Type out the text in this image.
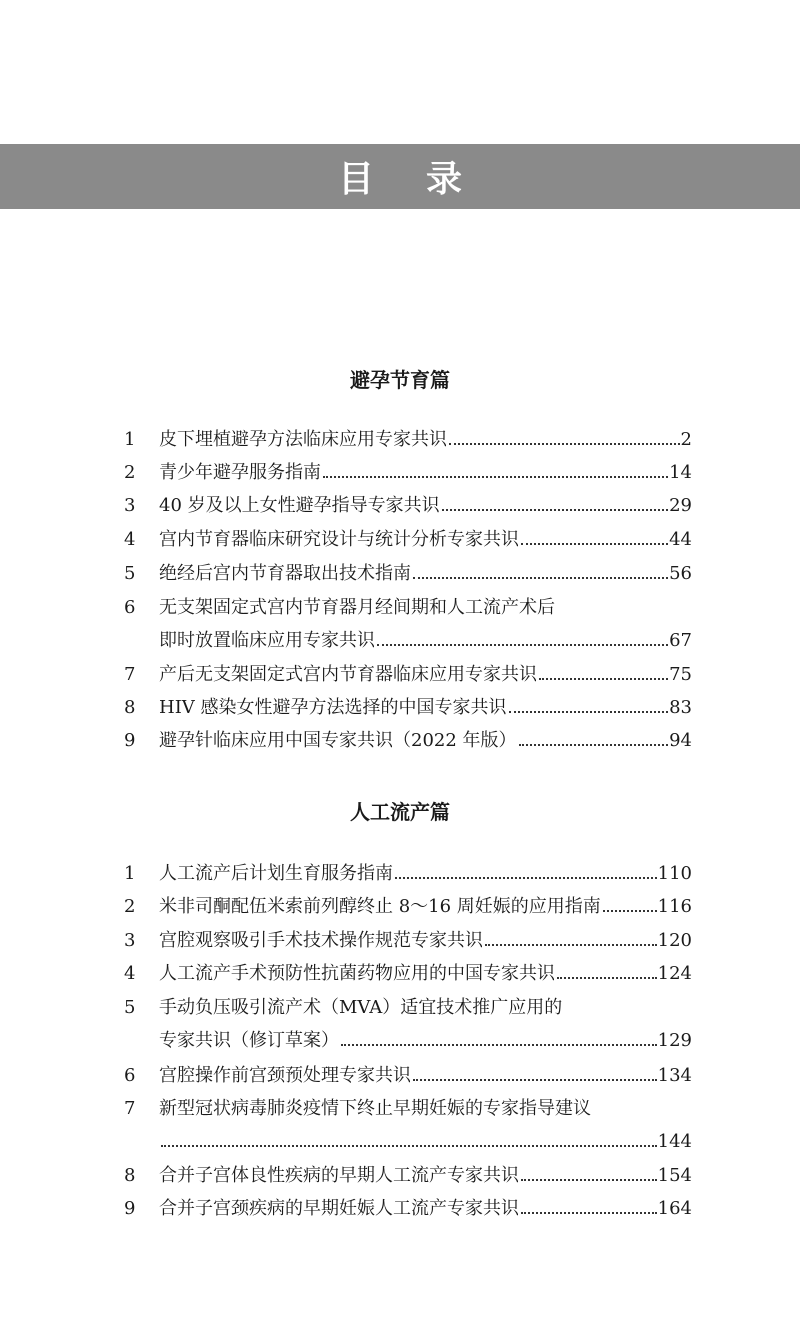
目录
避孕节育篇
1	皮下埋植避孕方法临床应用专家共识	2
2	青少年避孕服务指南	14
3	40 岁及以上女性避孕指导专家共识	29
4	宫内节育器临床研究设计与统计分析专家共识	44
5	绝经后宫内节育器取出技术指南	56
6	无支架固定式宫内节育器月经间期和人工流产术后
即时放置临床应用专家共识	67
7	产后无支架固定式宫内节育器临床应用专家共识	75
8	HIV 感染女性避孕方法选择的中国专家共识	83
9	避孕针临床应用中国专家共识（2022 年版）	94
人工流产篇
1	人工流产后计划生育服务指南	110
2	米非司酮配伍米索前列醇终止 8～16 周妊娠的应用指南	116
3	宫腔观察吸引手术技术操作规范专家共识	120
4	人工流产手术预防性抗菌药物应用的中国专家共识	124
5	手动负压吸引流产术（MVA）适宜技术推广应用的
专家共识（修订草案）	129
6	宫腔操作前宫颈预处理专家共识	134
7	新型冠状病毒肺炎疫情下终止早期妊娠的专家指导建议
144
8	合并子宫体良性疾病的早期人工流产专家共识	154
9	合并子宫颈疾病的早期妊娠人工流产专家共识	164
